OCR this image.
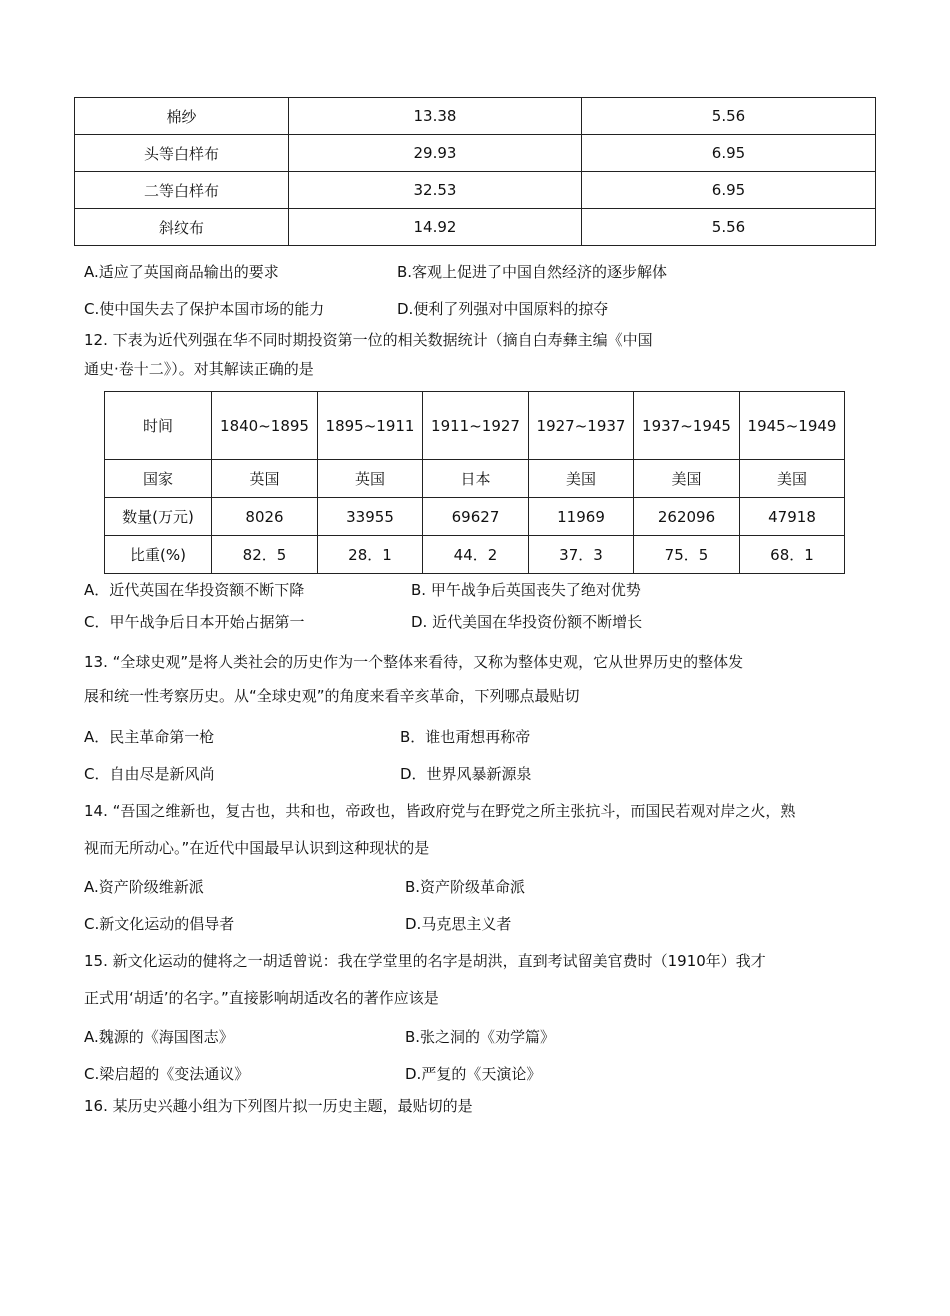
棉纱	13.38	5.56
头等白样布	29.93	6.95
二等白样布	32.53	6.95
斜纹布	14.92	5.56
A.适应了英国商品输出的要求	B.客观上促进了中国自然经济的逐步解体
C.使中国失去了保护本国市场的能力	D.便利了列强对中国原料的掠夺
12. 下表为近代列强在华不同时期投资第一位的相关数据统计（摘自白寿彝主编《中国
通史·卷十二》）。对其解读正确的是
时间	1840~1895	1895~1911	1911~1927	1927~1937	1937~1945	1945~1949
国家	英国	英国	日本	美国	美国	美国
数量(万元)	8026	33955	69627	11969	262096	47918
比重(%)	82．5	28．1	44．2	37．3	75．5	68．1
A．近代英国在华投资额不断下降	B. 甲午战争后英国丧失了绝对优势
C．甲午战争后日本开始占据第一	D. 近代美国在华投资份额不断增长
13. “全球史观”是将人类社会的历史作为一个整体来看待，又称为整体史观，它从世界历史的整体发
展和统一性考察历史。从“全球史观”的角度来看辛亥革命，下列哪点最贴切
A．民主革命第一枪	B．谁也甭想再称帝
C．自由尽是新风尚	D．世界风暴新源泉
14. “吾国之维新也，复古也，共和也，帝政也，皆政府党与在野党之所主张抗斗，而国民若观对岸之火，熟
视而无所动心。”在近代中国最早认识到这种现状的是
A.资产阶级维新派	B.资产阶级革命派
C.新文化运动的倡导者	D.马克思主义者
15. 新文化运动的健将之一胡适曾说：我在学堂里的名字是胡洪，直到考试留美官费时（1910年）我才
正式用‘胡适’的名字。”直接影响胡适改名的著作应该是
A.魏源的《海国图志》	B.张之洞的《劝学篇》
C.梁启超的《变法通议》	D.严复的《天演论》
16. 某历史兴趣小组为下列图片拟一历史主题，最贴切的是
